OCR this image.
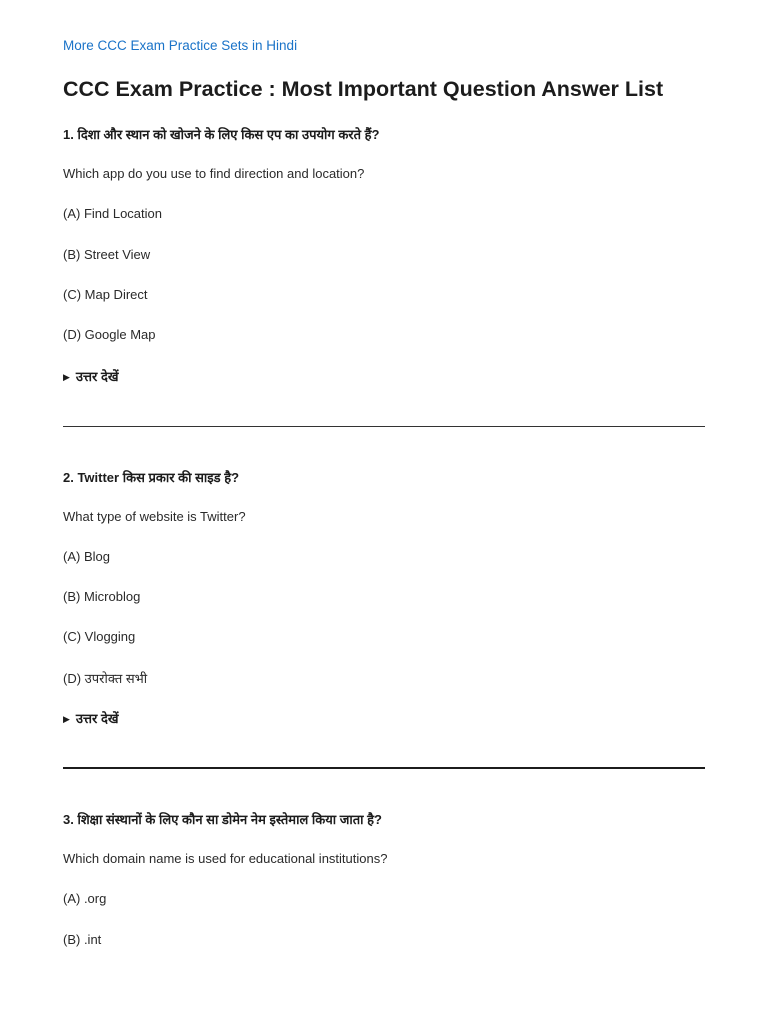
More CCC Exam Practice Sets in Hindi
CCC Exam Practice : Most Important Question Answer List
1. दिशा और स्थान को खोजने के लिए किस एप का उपयोग करते हैं?
Which app do you use to find direction and location?
(A) Find Location
(B) Street View
(C) Map Direct
(D) Google Map
▶ उत्तर देखें
2. Twitter किस प्रकार की साइड है?
What type of website is Twitter?
(A) Blog
(B) Microblog
(C) Vlogging
(D) उपरोक्त सभी
▶ उत्तर देखें
3. शिक्षा संस्थानों के लिए कौन सा डोमेन नेम इस्तेमाल किया जाता है?
Which domain name is used for educational institutions?
(A) .org
(B) .int
